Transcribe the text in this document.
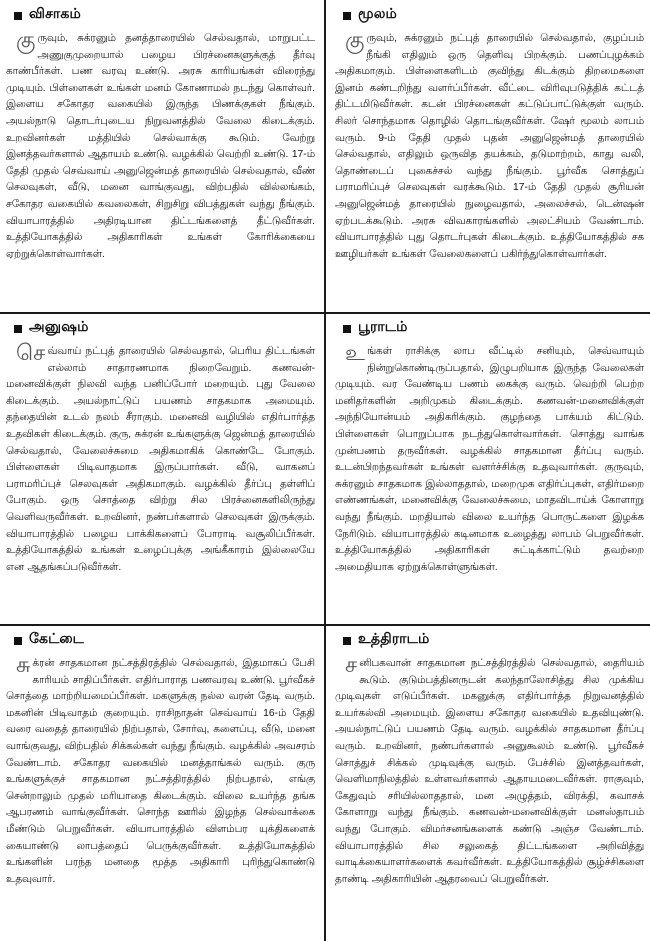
விசாகம்
குருவும், சுக்ரனும் தனத்தாரையில் செல்வதால், மாறுபட்ட அணுகுமுறையால் பழைய பிரச்னைகளுக்குத் தீர்வு காண்பீர்கள். பண வரவு உண்டு. அரசு காரியங்கள் விரைந்து முடியும். பிள்ளைகள் உங்கள் மனம் கோணாமல் நடந்து கொள்வர். இளைய சகோதர வகையில் இருந்த பிணக்குகள் நீங்கும். அயல்நாடு தொடர்புடைய நிறுவனத்தில் வேலை கிடைக்கும். உறவினர்கள் மத்தியில் செல்வாக்கு கூடும். வேற்று இனத்தவர்களால் ஆதாயம் உண்டு. வழக்கில் வெற்றி உண்டு. 17-ம் தேதி முதல் செவ்வாய் அனுஜென்மத் தாரையில் செல்வதால், வீண் செலவுகள், வீடு, மனை வாங்குவது, விற்பதில் வில்லங்கம், சகோதர வகையில் கவலைகள், சிறுசிறு விபத்துகள் வந்து நீங்கும். வியாபாரத்தில் அதிரடியான திட்டங்களைத் தீட்டுவீர்கள். உத்தியோகத்தில் அதிகாரிகள் உங்கள் கோரிக்கையை ஏற்றுக்கொள்வார்கள்.
மூலம்
குருவும், சுக்ரனும் நட்புத் தாரையில் செல்வதால், குழப்பம் நீங்கி எதிலும் ஒரு தெளிவு பிறக்கும். பணப்புழக்கம் அதிகமாகும். பிள்ளைகளிடம் குவிந்து கிடக்கும் திறமைகளை இனம் கண்டறிந்து வளர்ப்பீர்கள். வீட்டை விரிவுபடுத்திக் கட்டத் திட்டமிடுவீர்கள். கடன் பிரச்னைகள் கட்டுப்பாட்டுக்குள் வரும். சிலர் சொந்தமாக தொழில் தொடங்குவீர்கள். ஷேர் மூலம் லாபம் வரும். 9-ம் தேதி முதல் புதன் அனுஜென்மத் தாரையில் செல்வதால், எதிலும் ஒருவித தயக்கம், தடுமாற்றம், காது வலி, தொண்டைப் புகைச்சல் வந்து நீங்கும். பூர்வீக சொத்துப் பராமரிப்புச் செலவுகள் வரக்கூடும். 17-ம் தேதி முதல் சூரியன் அனுஜென்மத் தாரையில் நுழைவதால், அலைச்சல், டென்ஷன் ஏற்படக்கூடும். அரசு விவகாரங்களில் அலட்சியம் வேண்டாம். வியாபாரத்தில் புது தொடர்புகள் கிடைக்கும். உத்தியோகத்தில் சக ஊழியர்கள் உங்கள் வேலைகளைப் பகிர்ந்துகொள்வார்கள்.
அனுஷம்
செவ்வாய் நட்புத் தாரையில் செல்வதால், பெரிய திட்டங்கள் எல்லாம் சாதாரணமாக நிறைவேறும். கணவன்-மனைவிக்குள் நிலவி வந்த பனிப்போர் மறையும். புது வேலை கிடைக்கும். அயல்நாட்டுப் பயணம் சாதகமாக அமையும். தந்தையின் உடல் நலம் சீராகும். மனைவி வழியில் எதிர்பார்த்த உதவிகள் கிடைக்கும். குரு, சுக்ரன் உங்களுக்கு ஜென்மத் தாரையில் செல்வதால், வேலைச்சுமை அதிகமாகிக் கொண்டே போகும். பிள்ளைகள் பிடிவாதமாக இருப்பார்கள். வீடு, வாகனப் பராமரிப்புச் செலவுகள் அதிகமாகும். வழக்கில் தீர்ப்பு தள்ளிப் போகும். ஒரு சொத்தை விற்று சில பிரச்னைகளிலிருந்து வெளிவருவீர்கள். உறவினர், நண்பர்களால் செலவுகள் இருக்கும். வியாபாரத்தில் பழைய பாக்கிகளைப் போராடி வசூலிப்பீர்கள். உத்தியோகத்தில் உங்கள் உழைப்புக்கு அங்கீகாரம் இல்லையே என ஆதங்கப்படுவீர்கள்.
பூராடம்
உங்கள் ராசிக்கு லாப வீட்டில் சனியும், செவ்வாயும் நின்றுகொண்டிருப்பதால், இழுபறியாக இருந்த வேலைகள் முடியும். வர வேண்டிய பணம் கைக்கு வரும். வெற்றி பெற்ற மனிதர்களின் அறிமுகம் கிடைக்கும். கணவன்-மனைவிக்குள் அந்நியோன்யம் அதிகரிக்கும். குழந்தை பாக்யம் கிட்டும். பிள்ளைகள் பொறுப்பாக நடந்துகொள்வார்கள். சொத்து வாங்க முன்பணம் தருவீர்கள். வழக்கில் சாதகமான தீர்ப்பு வரும். உடன்பிறந்தவர்கள் உங்கள் வளர்ச்சிக்கு உதவுவார்கள். குருவும், சுக்ரனும் சாதகமாக இல்லாததால், மறைமுக எதிர்ப்புகள், எதிர்மறை எண்ணங்கள், மனைவிக்கு வேலைச்சுமை, மாதவிடாய்க் கோளாறு வந்து நீங்கும். மறதியால் விலை உயர்ந்த பொருட்களை இழக்க நேரிடும். வியாபாரத்தில் கடினமாக உழைத்து லாபம் பெறுவீர்கள். உத்தியோகத்தில் அதிகாரிகள் சுட்டிக்காட்டும் தவற்றை அமைதியாக ஏற்றுக்கொள்ளுங்கள்.
கேட்டை
சுக்ரன் சாதகமான நட்சத்திரத்தில் செல்வதால், இதமாகப் பேசி காரியம் சாதிப்பீர்கள். எதிர்பாராத பணவரவு உண்டு. பூர்வீகச் சொத்தை மாற்றியமைப்பீர்கள். மகளுக்கு நல்ல வரன் தேடி வரும். மகனின் பிடிவாதம் குறையும். ராசிநாதன் செவ்வாய் 16-ம் தேதி வரை வதைத் தாரையில் நிற்பதால், சோர்வு, களைப்பு, வீடு, மனை வாங்குவது, விற்பதில் சிக்கல்கள் வந்து நீங்கும். வழக்கில் அவசரம் வேண்டாம். சகோதர வகையில் மனத்தாங்கல் வரும். குரு உங்களுக்குச் சாதகமான நட்சத்திரத்தில் நிற்பதால், எங்கு சென்றாலும் முதல் மரியாதை கிடைக்கும். விலை உயர்ந்த தங்க ஆபரணம் வாங்குவீர்கள். சொந்த ஊரில் இழந்த செல்வாக்கை மீண்டும் பெறுவீர்கள். வியாபாரத்தில் விளம்பர யுக்திகளைக் கையாண்டு லாபத்தைப் பெருக்குவீர்கள். உத்தியோகத்தில் உங்களின் பரந்த மனதை மூத்த அதிகாரி புரிந்துகொண்டு உதவுவார்.
உத்திராடம்
சனிபகவான் சாதகமான நட்சத்திரத்தில் செல்வதால், தைரியம் கூடும். குடும்பத்தினருடன் கலந்தாலோசித்து சில முக்கிய முடிவுகள் எடுப்பீர்கள். மகனுக்கு எதிர்பார்த்த நிறுவனத்தில் உயர்கல்வி அமையும். இளைய சகோதர வகையில் உதவியுண்டு. அயல்நாட்டுப் பயணம் தேடி வரும். வழக்கில் சாதகமான தீர்ப்பு வரும். உறவினர், நண்பர்களால் அனுகூலம் உண்டு. பூர்வீகச் சொத்துச் சிக்கல் முடிவுக்கு வரும். பேச்சில் இனத்தவர்கள், வெளிமாநிலத்தில் உள்ளவர்களால் ஆதாயமடைவீர்கள். ராகுவும், கேதுவும் சரியில்லாததால், மன அழுத்தம், விரக்தி, கவாசக் கோளாறு வந்து நீங்கும். கணவன்-மனைவிக்குள் மனஸ்தாபம் வந்து போகும். விமர்சனங்களைக் கண்டு அஞ்ச வேண்டாம். வியாபாரத்தில் சில சலுகைத் திட்டங்களை அறிவித்து வாடிக்கையாளர்களைக் கவர்வீர்கள். உத்தியோகத்தில் சூழ்ச்சிகளை தாண்டி அதிகாரியின் ஆதரவைப் பெறுவீர்கள்.
